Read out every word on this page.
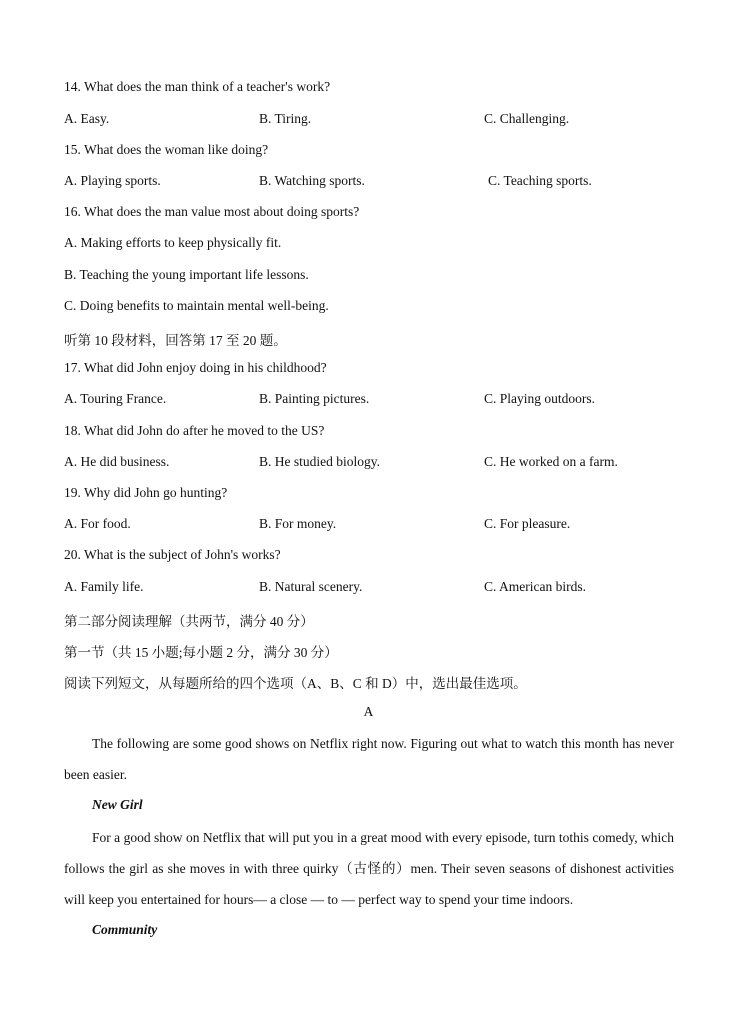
14. What does the man think of a teacher's work?
A. Easy.	B. Tiring.	C. Challenging.
15. What does the woman like doing?
A. Playing sports.	B. Watching sports.	C. Teaching sports.
16. What does the man value most about doing sports?
A. Making efforts to keep physically fit.
B. Teaching the young important life lessons.
C. Doing benefits to maintain mental well-being.
听第 10 段材料，回答第 17 至 20 题。
17. What did John enjoy doing in his childhood?
A. Touring France.	B. Painting pictures.	C. Playing outdoors.
18. What did John do after he moved to the US?
A. He did business.	B. He studied biology.	C. He worked on a farm.
19. Why did John go hunting?
A. For food.	B. For money.	C. For pleasure.
20. What is the subject of John's works?
A. Family life.	B. Natural scenery.	C. American birds.
第二部分阅读理解（共两节，满分 40 分）
第一节（共 15 小题;每小题 2 分，满分 30 分）
阅读下列短文，从每题所给的四个选项（A、B、C 和 D）中，选出最佳选项。
A
The following are some good shows on Netflix right now. Figuring out what to watch this month has never been easier.
New Girl
For a good show on Netflix that will put you in a great mood with every episode, turn tothis comedy, which follows the girl as she moves in with three quirky（古怪的）men. Their seven seasons of dishonest activities will keep you entertained for hours— a close — to — perfect way to spend your time indoors.
Community
